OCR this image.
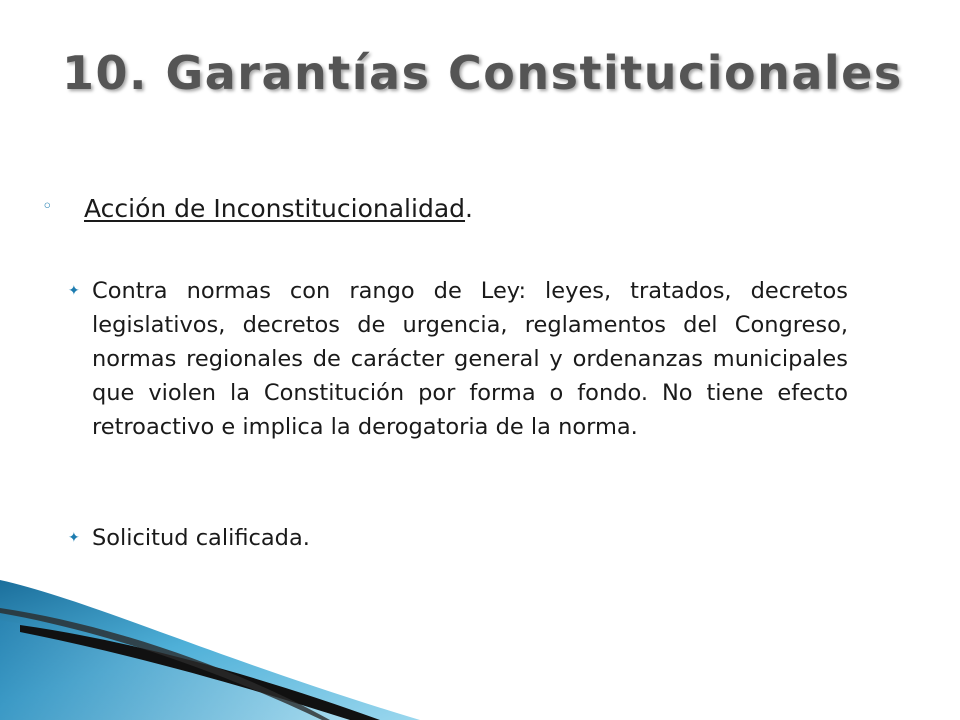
10. Garantías Constitucionales
◦ Acción de Inconstitucionalidad.
✦ Contra normas con rango de Ley: leyes, tratados, decretos legislativos, decretos de urgencia, reglamentos del Congreso, normas regionales de carácter general y ordenanzas municipales que violen la Constitución por forma o fondo. No tiene efecto retroactivo e implica la derogatoria de la norma.
✦ Solicitud calificada.
